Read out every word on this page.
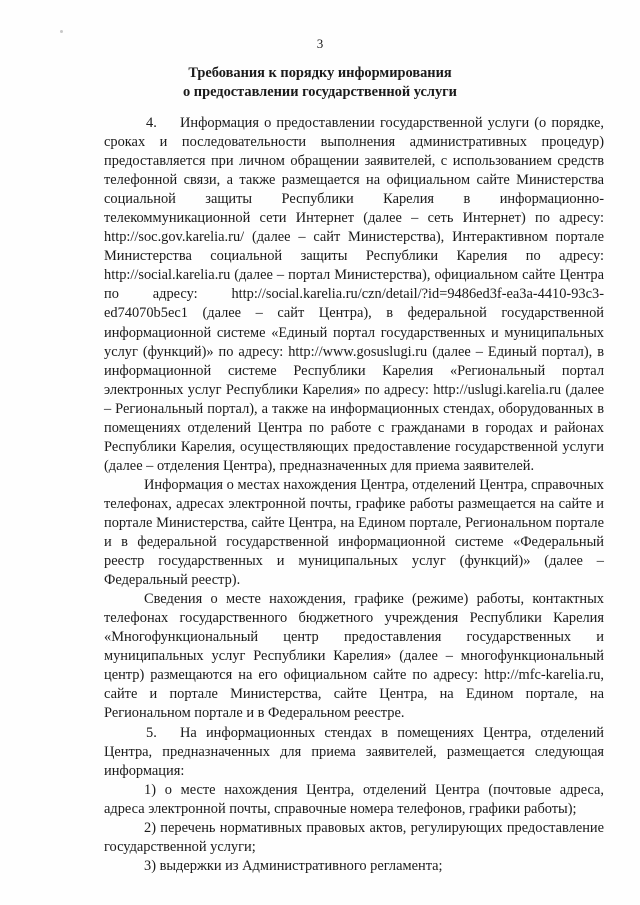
3
Требования к порядку информирования
о предоставлении государственной услуги

4. Информация о предоставлении государственной услуги (о порядке, сроках и последовательности выполнения административных процедур) предоставляется при личном обращении заявителей, с использованием средств телефонной связи, а также размещается на официальном сайте Министерства социальной защиты Республики Карелия в информационно-телекоммуникационной сети Интернет (далее – сеть Интернет) по адресу: http://soc.gov.karelia.ru/ (далее – сайт Министерства), Интерактивном портале Министерства социальной защиты Республики Карелия по адресу: http://social.karelia.ru (далее – портал Министерства), официальном сайте Центра по адресу: http://social.karelia.ru/czn/detail/?id=9486ed3f-ea3a-4410-93c3-ed74070b5ec1 (далее – сайт Центра), в федеральной государственной информационной системе «Единый портал государственных и муниципальных услуг (функций)» по адресу: http://www.gosuslugi.ru (далее – Единый портал), в информационной системе Республики Карелия «Региональный портал электронных услуг Республики Карелия» по адресу: http://uslugi.karelia.ru (далее – Региональный портал), а также на информационных стендах, оборудованных в помещениях отделений Центра по работе с гражданами в городах и районах Республики Карелия, осуществляющих предоставление государственной услуги (далее – отделения Центра), предназначенных для приема заявителей.

Информация о местах нахождения Центра, отделений Центра, справочных телефонах, адресах электронной почты, графике работы размещается на сайте и портале Министерства, сайте Центра, на Едином портале, Региональном портале и в федеральной государственной информационной системе «Федеральный реестр государственных и муниципальных услуг (функций)» (далее – Федеральный реестр).

Сведения о месте нахождения, графике (режиме) работы, контактных телефонах государственного бюджетного учреждения Республики Карелия «Многофункциональный центр предоставления государственных и муниципальных услуг Республики Карелия» (далее – многофункциональный центр) размещаются на его официальном сайте по адресу: http://mfc-karelia.ru, сайте и портале Министерства, сайте Центра, на Едином портале, на Региональном портале и в Федеральном реестре.

5. На информационных стендах в помещениях Центра, отделений Центра, предназначенных для приема заявителей, размещается следующая информация:

1) о месте нахождения Центра, отделений Центра (почтовые адреса, адреса электронной почты, справочные номера телефонов, графики работы);

2) перечень нормативных правовых актов, регулирующих предоставление государственной услуги;

3) выдержки из Административного регламента;
